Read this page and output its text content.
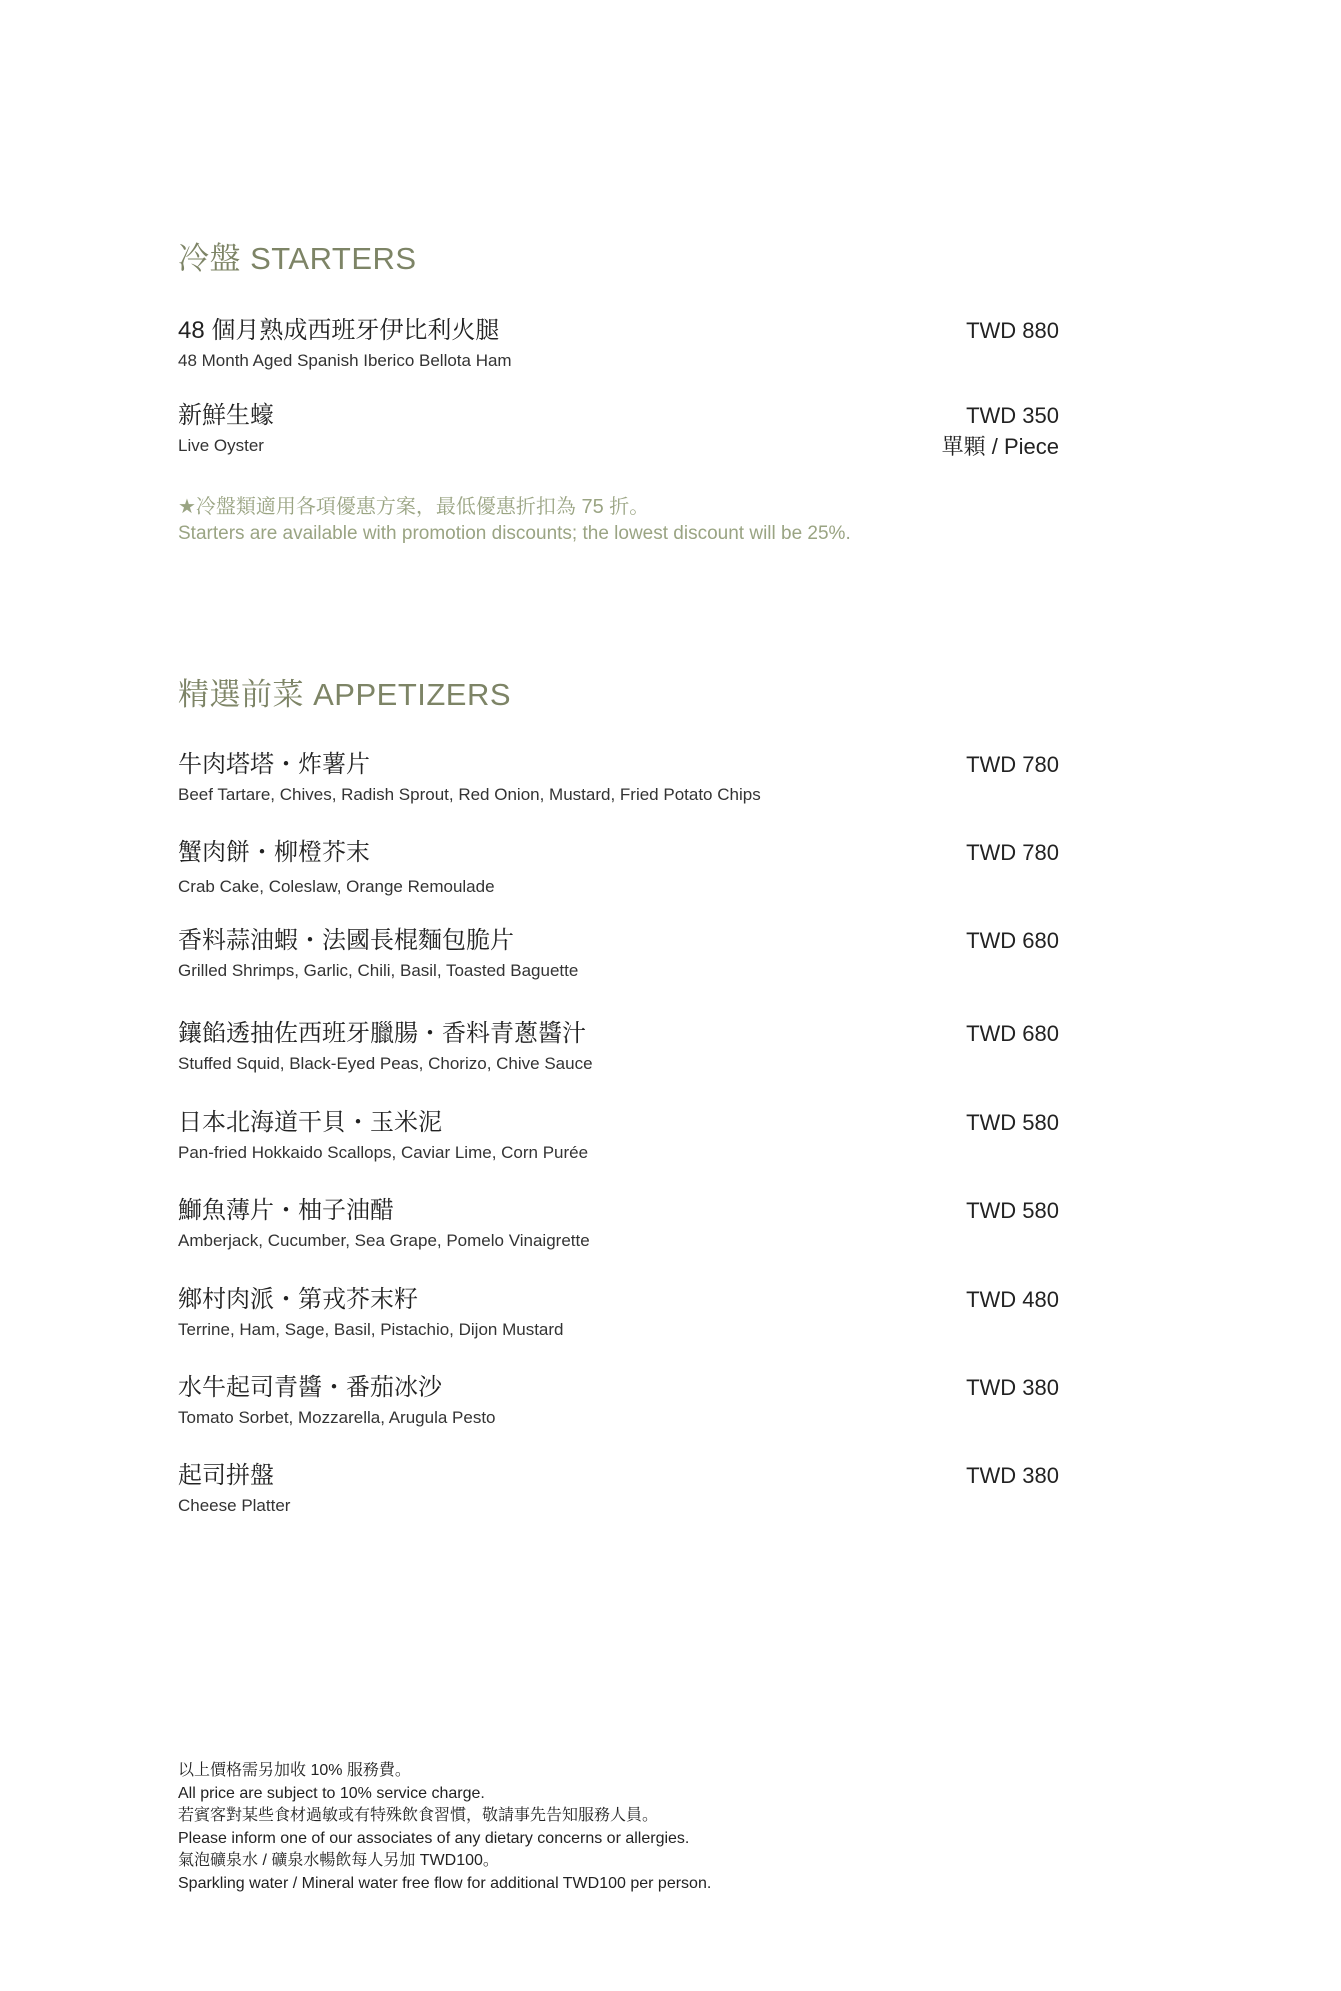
冷盤 STARTERS
48 個月熟成西班牙伊比利火腿
48 Month Aged Spanish Iberico Bellota Ham
TWD 880
新鮮生蠔
Live Oyster
TWD 350
單顆 / Piece
★冷盤類適用各項優惠方案，最低優惠折扣為 75 折。
Starters are available with promotion discounts; the lowest discount will be 25%.
精選前菜 APPETIZERS
牛肉塔塔・炸薯片
Beef Tartare, Chives, Radish Sprout, Red Onion, Mustard, Fried Potato Chips
TWD 780
蟹肉餅・柳橙芥末
Crab Cake, Coleslaw, Orange Remoulade
TWD 780
香料蒜油蝦・法國長棍麵包脆片
Grilled Shrimps, Garlic, Chili, Basil, Toasted Baguette
TWD 680
鑲餡透抽佐西班牙臘腸・香料青蔥醬汁
Stuffed Squid, Black-Eyed Peas, Chorizo, Chive Sauce
TWD 680
日本北海道干貝・玉米泥
Pan-fried Hokkaido Scallops, Caviar Lime, Corn Purée
TWD 580
鰤魚薄片・柚子油醋
Amberjack, Cucumber, Sea Grape, Pomelo Vinaigrette
TWD 580
鄉村肉派・第戎芥末籽
Terrine, Ham, Sage, Basil, Pistachio, Dijon Mustard
TWD 480
水牛起司青醬・番茄冰沙
Tomato Sorbet, Mozzarella, Arugula Pesto
TWD 380
起司拼盤
Cheese Platter
TWD 380
以上價格需另加收 10% 服務費。
All price are subject to 10% service charge.
若賓客對某些食材過敏或有特殊飲食習慣，敬請事先告知服務人員。
Please inform one of our associates of any dietary concerns or allergies.
氣泡礦泉水 / 礦泉水暢飲每人另加 TWD100。
Sparkling water / Mineral water free flow for additional TWD100 per person.
